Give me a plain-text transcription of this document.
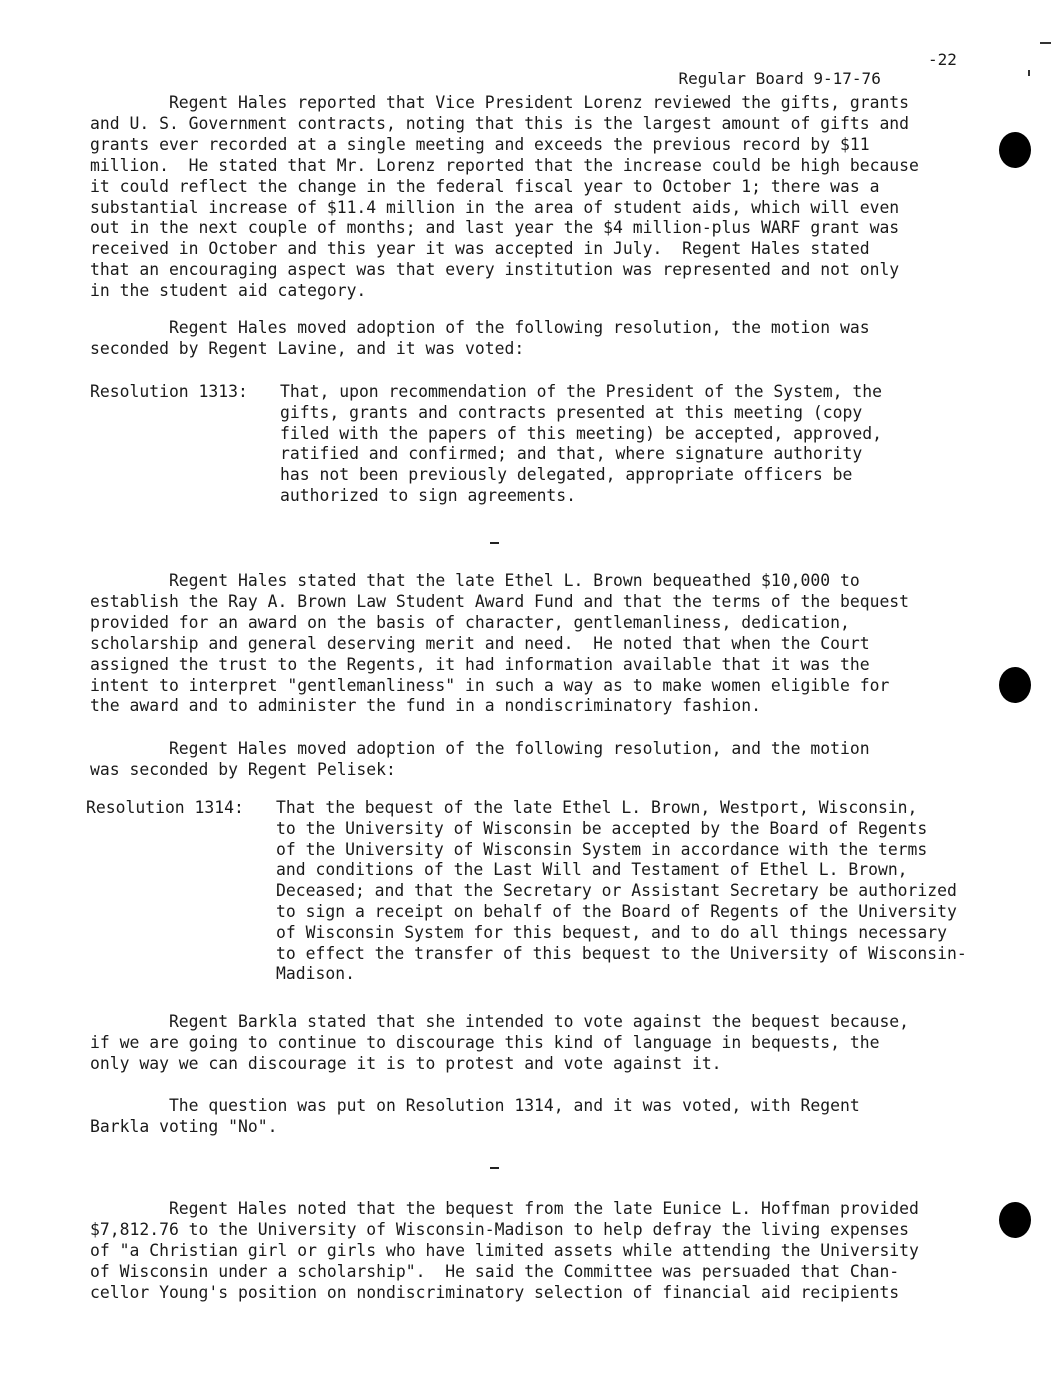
Regular Board 9-17-76

-22

Regent Hales reported that Vice President Lorenz reviewed the gifts, grants
and U. S. Government contracts, noting that this is the largest amount of gifts and
grants ever recorded at a single meeting and exceeds the previous record by $11
million.  He stated that Mr. Lorenz reported that the increase could be high because
it could reflect the change in the federal fiscal year to October 1; there was a
substantial increase of $11.4 million in the area of student aids, which will even
out in the next couple of months; and last year the $4 million-plus WARF grant was
received in October and this year it was accepted in July.  Regent Hales stated
that an encouraging aspect was that every institution was represented and not only
in the student aid category.
Regent Hales moved adoption of the following resolution, the motion was
seconded by Regent Lavine, and it was voted:
Resolution 1313: That, upon recommendation of the President of the System, the
gifts, grants and contracts presented at this meeting (copy
filed with the papers of this meeting) be accepted, approved,
ratified and confirmed; and that, where signature authority
has not been previously delegated, appropriate officers be
authorized to sign agreements.
Regent Hales stated that the late Ethel L. Brown bequeathed $10,000 to
establish the Ray A. Brown Law Student Award Fund and that the terms of the bequest
provided for an award on the basis of character, gentlemanliness, dedication,
scholarship and general deserving merit and need.  He noted that when the Court
assigned the trust to the Regents, it had information available that it was the
intent to interpret "gentlemanliness" in such a way as to make women eligible for
the award and to administer the fund in a nondiscriminatory fashion.
Regent Hales moved adoption of the following resolution, and the motion
was seconded by Regent Pelisek:
Resolution 1314: That the bequest of the late Ethel L. Brown, Westport, Wisconsin,
to the University of Wisconsin be accepted by the Board of Regents
of the University of Wisconsin System in accordance with the terms
and conditions of the Last Will and Testament of Ethel L. Brown,
Deceased; and that the Secretary or Assistant Secretary be authorized
to sign a receipt on behalf of the Board of Regents of the University
of Wisconsin System for this bequest, and to do all things necessary
to effect the transfer of this bequest to the University of Wisconsin-
Madison.
Regent Barkla stated that she intended to vote against the bequest because,
if we are going to continue to discourage this kind of language in bequests, the
only way we can discourage it is to protest and vote against it.
The question was put on Resolution 1314, and it was voted, with Regent
Barkla voting "No".
Regent Hales noted that the bequest from the late Eunice L. Hoffman provided
$7,812.76 to the University of Wisconsin-Madison to help defray the living expenses
of "a Christian girl or girls who have limited assets while attending the University
of Wisconsin under a scholarship".  He said the Committee was persuaded that Chan-
cellor Young's position on nondiscriminatory selection of financial aid recipients
